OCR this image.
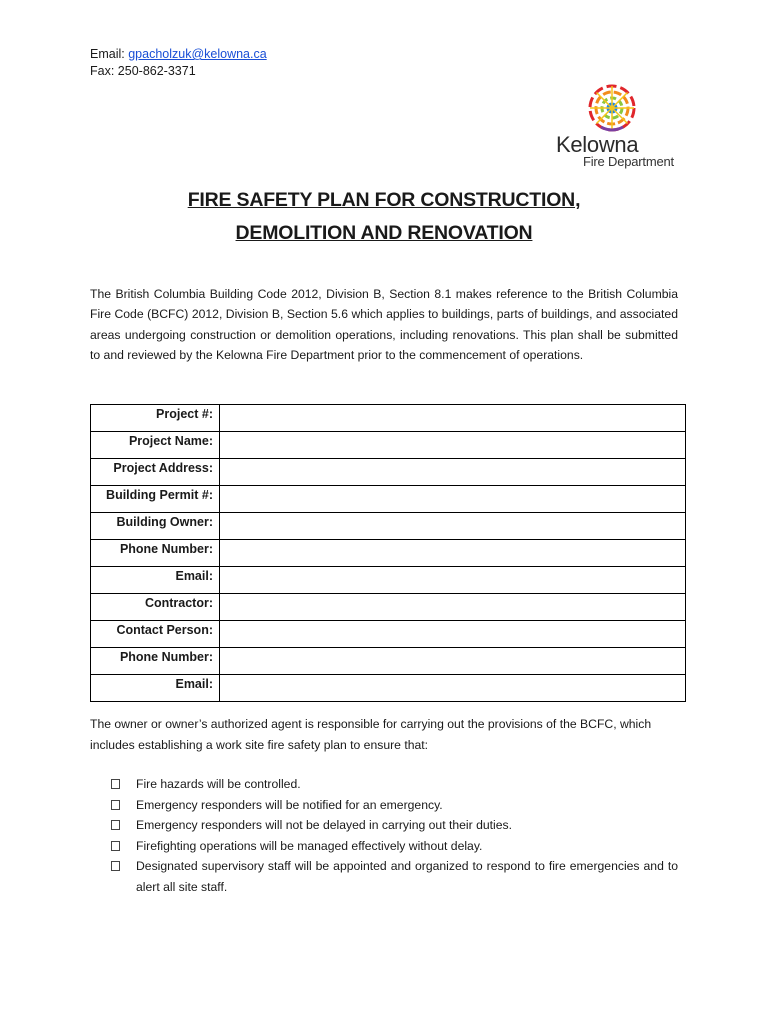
Email: gpacholzuk@kelowna.ca
Fax: 250-862-3371
Kelowna
Fire Department
FIRE SAFETY PLAN FOR CONSTRUCTION,
DEMOLITION AND RENOVATION
The British Columbia Building Code 2012, Division B, Section 8.1 makes reference to the British Columbia Fire Code (BCFC) 2012, Division B, Section 5.6 which applies to buildings, parts of buildings, and associated areas undergoing construction or demolition operations, including renovations. This plan shall be submitted to and reviewed by the Kelowna Fire Department prior to the commencement of operations.
Project #:	
Project Name:	
Project Address:	
Building Permit #:	
Building Owner:	
Phone Number:	
Email:	
Contractor:	
Contact Person:	
Phone Number:	
Email:	
The owner or owner’s authorized agent is responsible for carrying out the provisions of the BCFC, which includes establishing a work site fire safety plan to ensure that:
Fire hazards will be controlled.
Emergency responders will be notified for an emergency.
Emergency responders will not be delayed in carrying out their duties.
Firefighting operations will be managed effectively without delay.
Designated supervisory staff will be appointed and organized to respond to fire emergencies and to alert all site staff.
